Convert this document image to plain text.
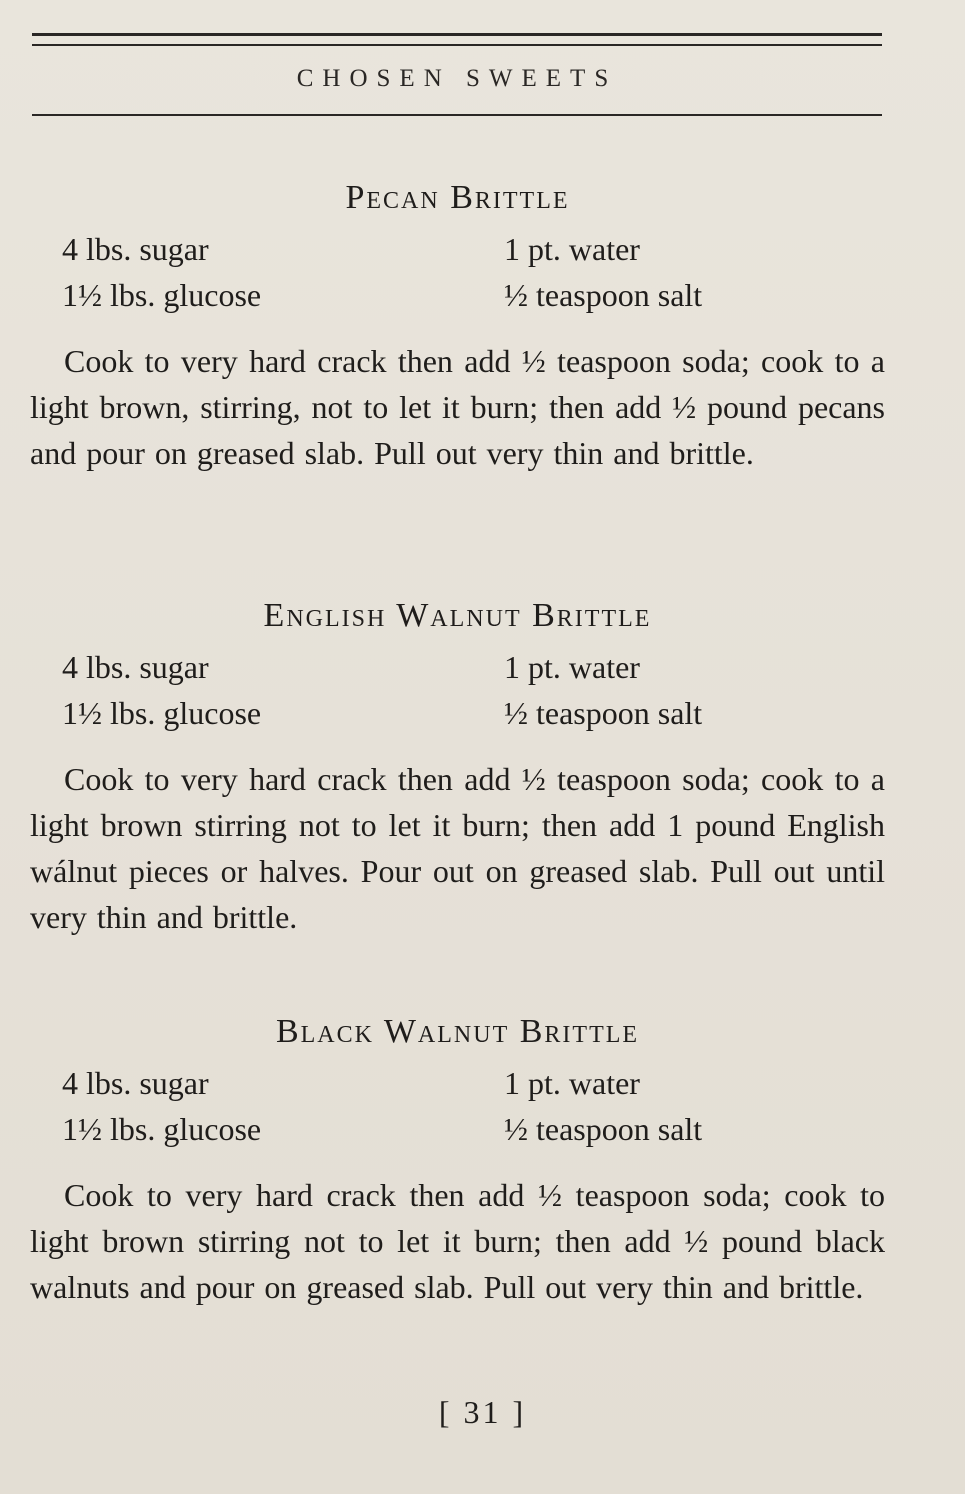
CHOSEN SWEETS
Pecan Brittle
4 lbs. sugar
1½ lbs. glucose
1 pt. water
½ teaspoon salt

Cook to very hard crack then add ½ teaspoon soda; cook to a light brown, stirring, not to let it burn; then add ½ pound pecans and pour on greased slab. Pull out very thin and brittle.

English Walnut Brittle
4 lbs. sugar
1½ lbs. glucose
1 pt. water
½ teaspoon salt

Cook to very hard crack then add ½ teaspoon soda; cook to a light brown stirring not to let it burn; then add 1 pound English wálnut pieces or halves. Pour out on greased slab. Pull out until very thin and brittle.

Black Walnut Brittle
4 lbs. sugar
1½ lbs. glucose
1 pt. water
½ teaspoon salt

Cook to very hard crack then add ½ teaspoon soda; cook to light brown stirring not to let it burn; then add ½ pound black walnuts and pour on greased slab. Pull out very thin and brittle.

[ 31 ]
